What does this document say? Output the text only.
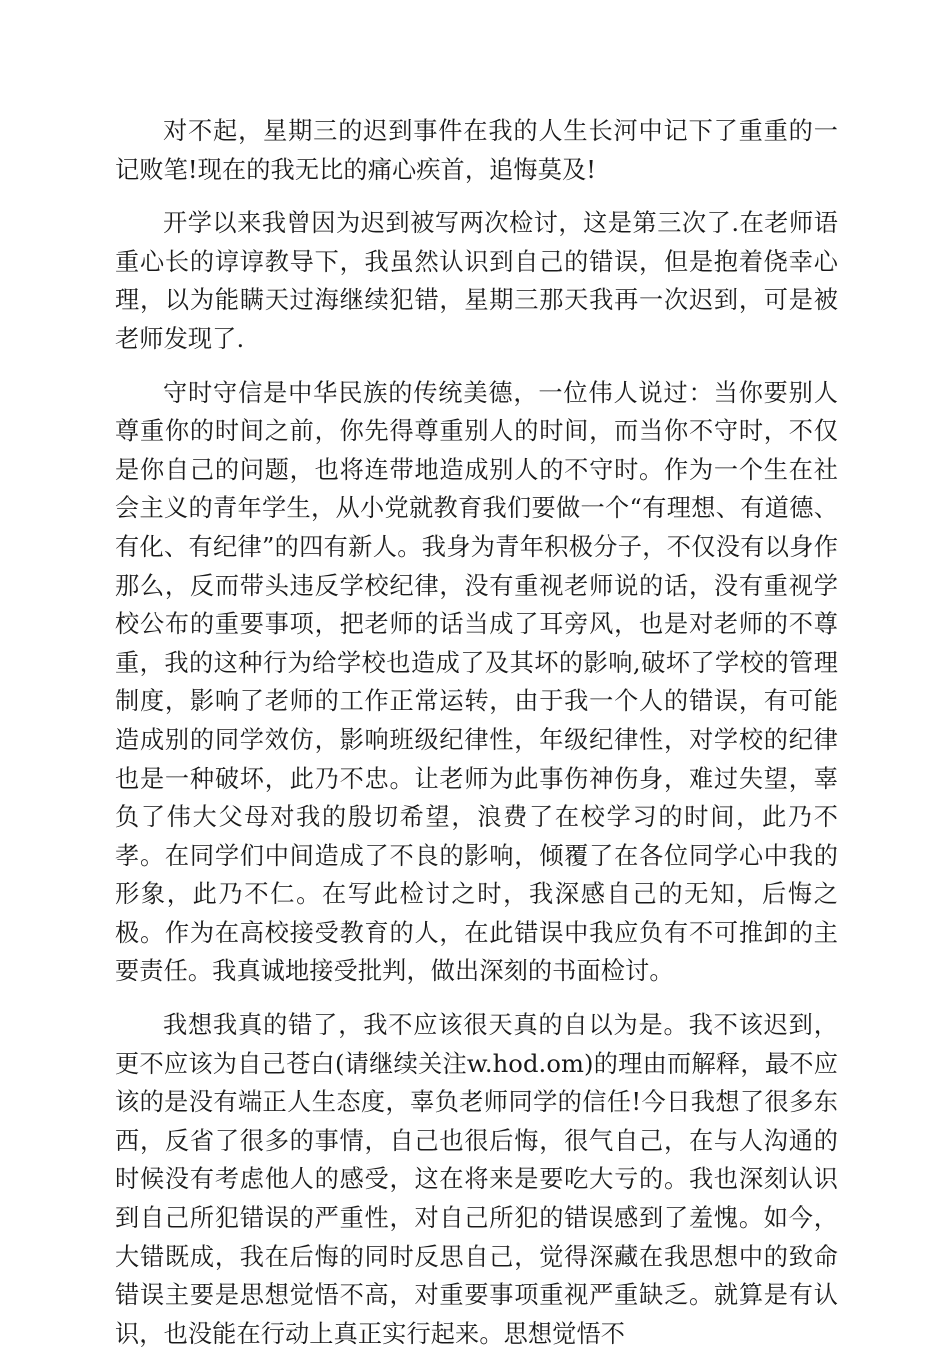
对不起，星期三的迟到事件在我的人生长河中记下了重重的一记败笔!现在的我无比的痛心疾首，追悔莫及!

开学以来我曾因为迟到被写两次检讨，这是第三次了.在老师语重心长的谆谆教导下，我虽然认识到自己的错误，但是抱着侥幸心理，以为能瞒天过海继续犯错，星期三那天我再一次迟到，可是被老师发现了.

守时守信是中华民族的传统美德，一位伟人说过：当你要别人尊重你的时间之前，你先得尊重别人的时间，而当你不守时，不仅是你自己的问题，也将连带地造成别人的不守时。作为一个生在社会主义的青年学生，从小党就教育我们要做一个“有理想、有道德、有化、有纪律”的四有新人。我身为青年积极分子，不仅没有以身作那么，反而带头违反学校纪律，没有重视老师说的话，没有重视学校公布的重要事项，把老师的话当成了耳旁风，也是对老师的不尊重，我的这种行为给学校也造成了及其坏的影响,破坏了学校的管理制度，影响了老师的工作正常运转，由于我一个人的错误，有可能造成别的同学效仿，影响班级纪律性，年级纪律性，对学校的纪律也是一种破坏，此乃不忠。让老师为此事伤神伤身，难过失望，辜负了伟大父母对我的殷切希望，浪费了在校学习的时间，此乃不孝。在同学们中间造成了不良的影响，倾覆了在各位同学心中我的形象，此乃不仁。在写此检讨之时，我深感自己的无知，后悔之极。作为在高校接受教育的人，在此错误中我应负有不可推卸的主要责任。我真诚地接受批判，做出深刻的书面检讨。

我想我真的错了，我不应该很天真的自以为是。我不该迟到，更不应该为自己苍白(请继续关注w.hod.om)的理由而解释，最不应该的是没有端正人生态度，辜负老师同学的信任!今日我想了很多东西，反省了很多的事情，自己也很后悔，很气自己，在与人沟通的时候没有考虑他人的感受，这在将来是要吃大亏的。我也深刻认识到自己所犯错误的严重性，对自己所犯的错误感到了羞愧。如今，大错既成，我在后悔的同时反思自己，觉得深藏在我思想中的致命错误主要是思想觉悟不高，对重要事项重视严重缺乏。就算是有认识，也没能在行动上真正实行起来。思想觉悟不
